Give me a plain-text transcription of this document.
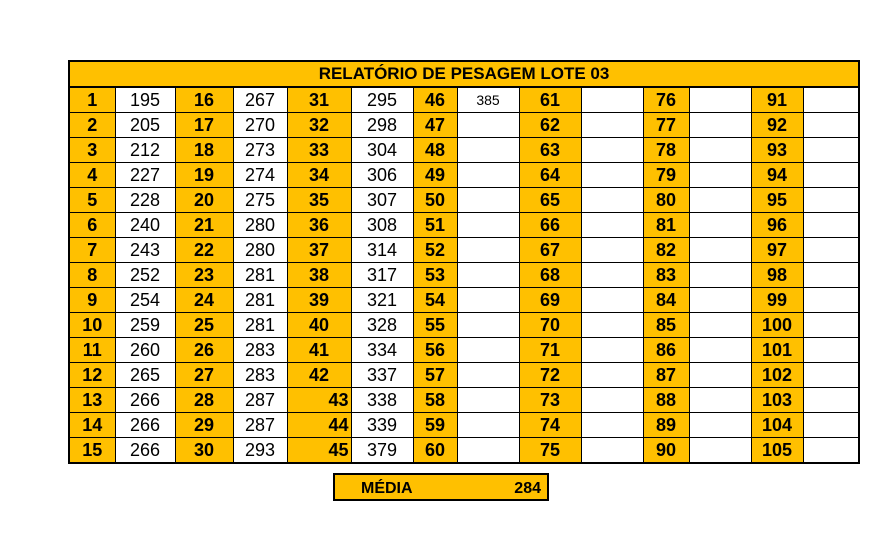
RELATÓRIO DE PESAGEM LOTE 03													
1	195	16	267	31	295	46	385	61		76		91	
2	205	17	270	32	298	47		62		77		92	
3	212	18	273	33	304	48		63		78		93	
4	227	19	274	34	306	49		64		79		94	
5	228	20	275	35	307	50		65		80		95	
6	240	21	280	36	308	51		66		81		96	
7	243	22	280	37	314	52		67		82		97	
8	252	23	281	38	317	53		68		83		98	
9	254	24	281	39	321	54		69		84		99	
10	259	25	281	40	328	55		70		85		100	
11	260	26	283	41	334	56		71		86		101	
12	265	27	283	42	337	57		72		87		102	
13	266	28	287	43	338	58		73		88		103	
14	266	29	287	44	339	59		74		89		104	
15	266	30	293	45	379	60		75		90		105	
MÉDIA	284
